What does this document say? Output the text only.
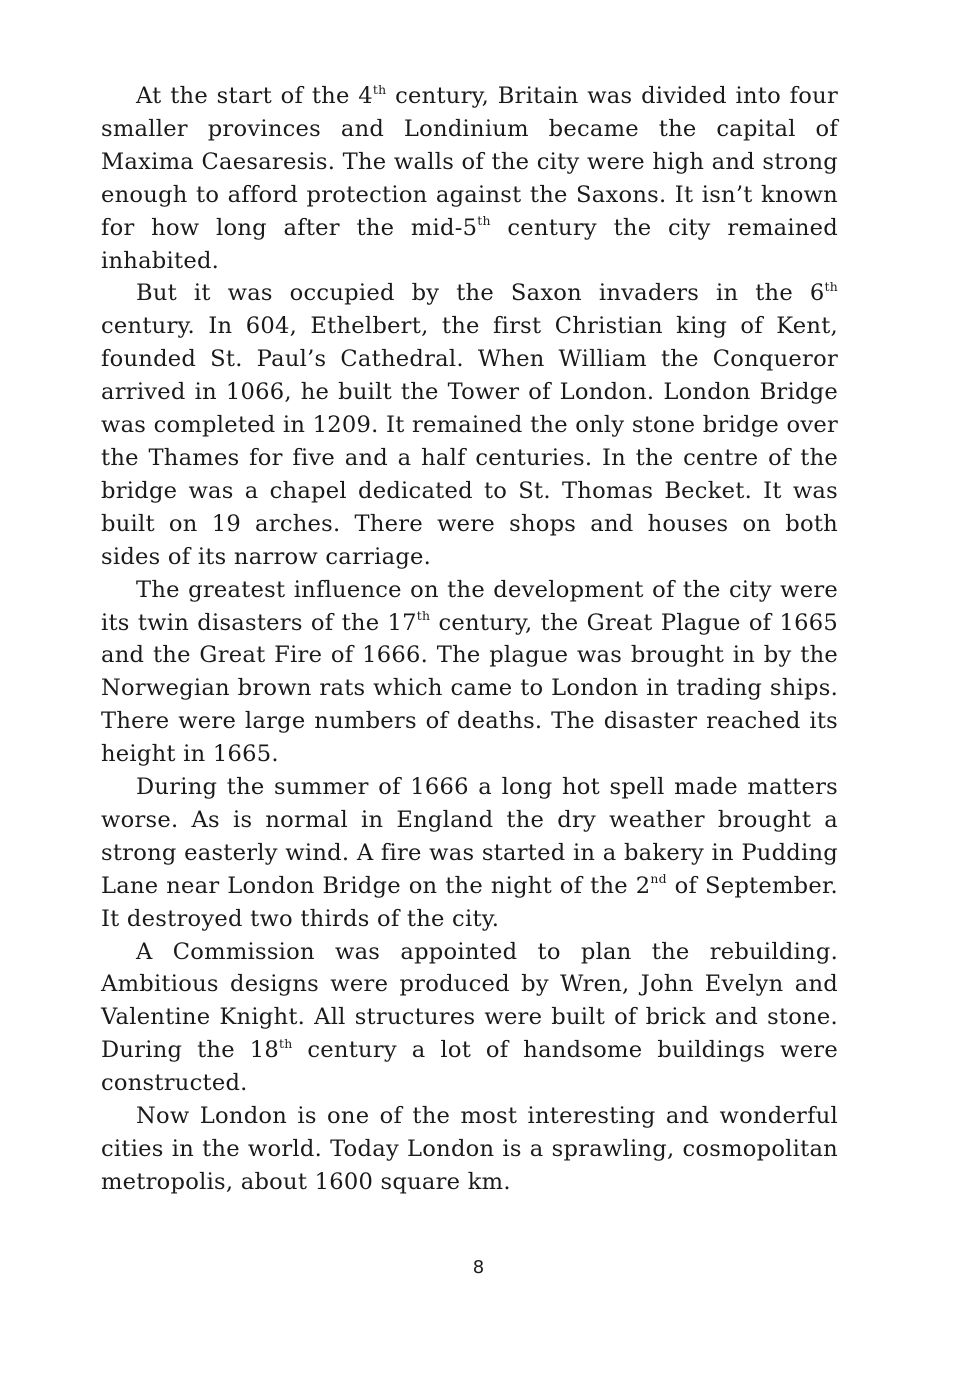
At the start of the 4th century, Britain was divided into four smaller provinces and Londinium became the capital of Maxima Caesaresis. The walls of the city were high and strong enough to afford protection against the Saxons. It isn’t known for how long after the mid-5th century the city remained inhabited.

But it was occupied by the Saxon invaders in the 6th century. In 604, Ethelbert, the first Christian king of Kent, founded St. Paul’s Cathedral. When William the Conqueror arrived in 1066, he built the Tower of London. London Bridge was completed in 1209. It remained the only stone bridge over the Thames for five and a half centuries. In the centre of the bridge was a chapel dedicated to St. Thomas Becket. It was built on 19 arches. There were shops and houses on both sides of its narrow carriage.

The greatest influence on the development of the city were its twin disasters of the 17th century, the Great Plague of 1665 and the Great Fire of 1666. The plague was brought in by the Norwegian brown rats which came to London in trading ships. There were large numbers of deaths. The disaster reached its height in 1665.

During the summer of 1666 a long hot spell made matters worse. As is normal in England the dry weather brought a strong easterly wind. A fire was started in a bakery in Pudding Lane near London Bridge on the night of the 2nd of September. It destroyed two thirds of the city.

A Commission was appointed to plan the rebuilding. Ambitious designs were produced by Wren, John Evelyn and Valentine Knight. All structures were built of brick and stone. During the 18th century a lot of handsome buildings were constructed.

Now London is one of the most interesting and wonderful cities in the world. Today London is a sprawling, cosmopolitan metropolis, about 1600 square km.

8
